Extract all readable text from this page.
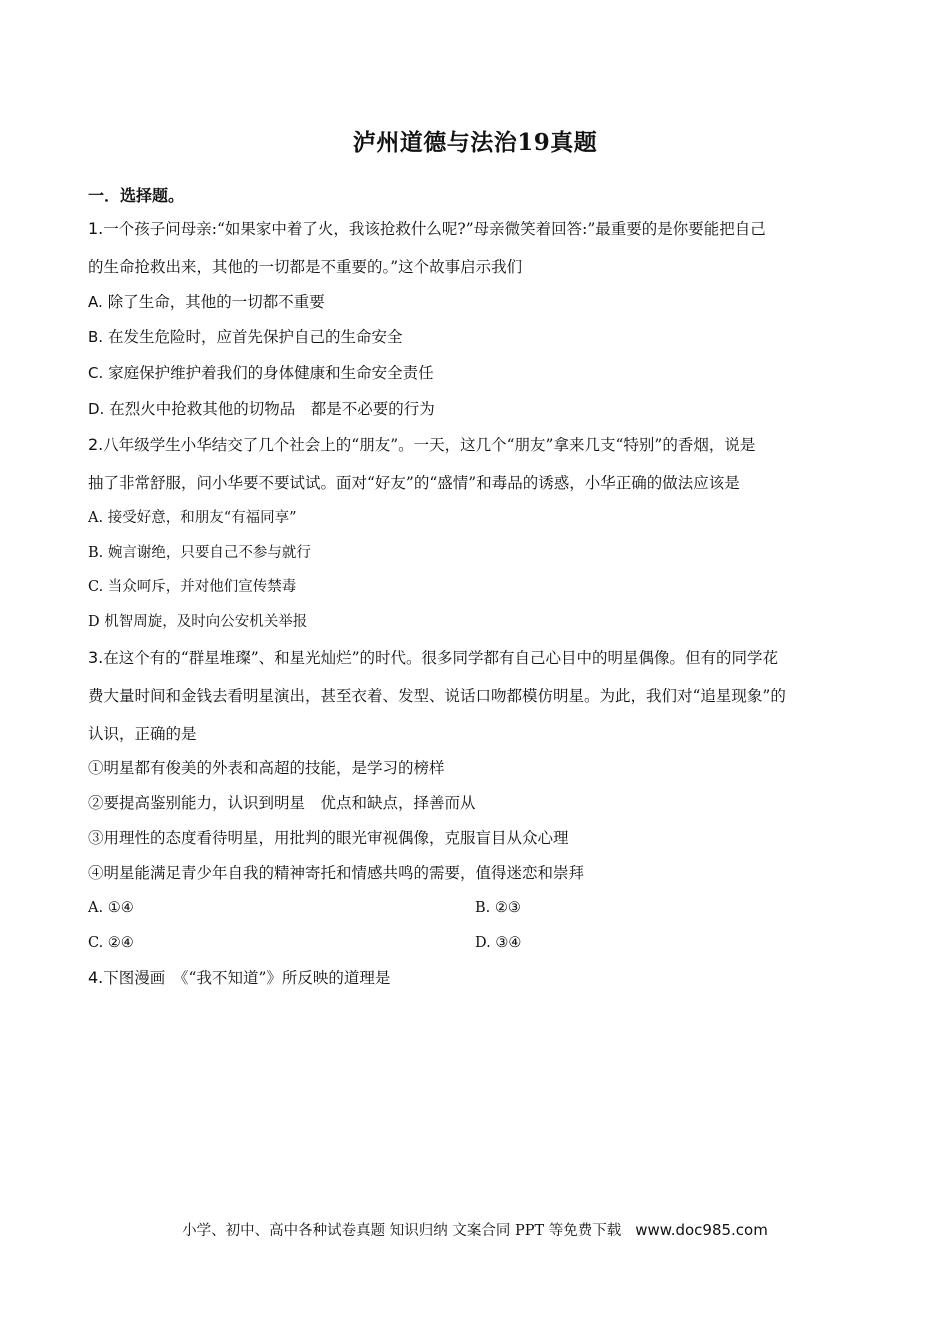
泸州道德与法治19真题
一．选择题。
1.一个孩子问母亲:“如果家中着了火，我该抢救什么呢?”母亲微笑着回答:”最重要的是你要能把自己
的生命抢救出来，其他的一切都是不重要的。”这个故事启示我们
A. 除了生命，其他的一切都不重要
B. 在发生危险时，应首先保护自己的生命安全
C. 家庭保护维护着我们的身体健康和生命安全责任
D. 在烈火中抢救其他的切物品　都是不必要的行为
2.八年级学生小华结交了几个社会上的“朋友”。一天，这几个“朋友”拿来几支“特别”的香烟，说是
抽了非常舒服，问小华要不要试试。面对“好友”的“盛情”和毒品的诱惑，小华正确的做法应该是
A. 接受好意，和朋友“有福同享”
B. 婉言谢绝，只要自己不参与就行
C. 当众呵斥，并对他们宣传禁毒
D 机智周旋，及时向公安机关举报
3.在这个有的“群星堆璨”、和星光灿烂”的时代。很多同学都有自己心目中的明星偶像。但有的同学花
费大量时间和金钱去看明星演出，甚至衣着、发型、说话口吻都模仿明星。为此，我们对“追星现象”的
认识，正确的是
①明星都有俊美的外表和高超的技能，是学习的榜样
②要提高鉴别能力，认识到明星　优点和缺点，择善而从
③用理性的态度看待明星，用批判的眼光审视偶像，克服盲目从众心理
④明星能满足青少年自我的精神寄托和情感共鸣的需要，值得迷恋和崇拜
A. ①④	B. ②③
C. ②④	D. ③④
4.下图漫画　《“我不知道”》所反映的道理是
小学、初中、高中各种试卷真题 知识归纳 文案合同 PPT 等免费下载 www.doc985.com
